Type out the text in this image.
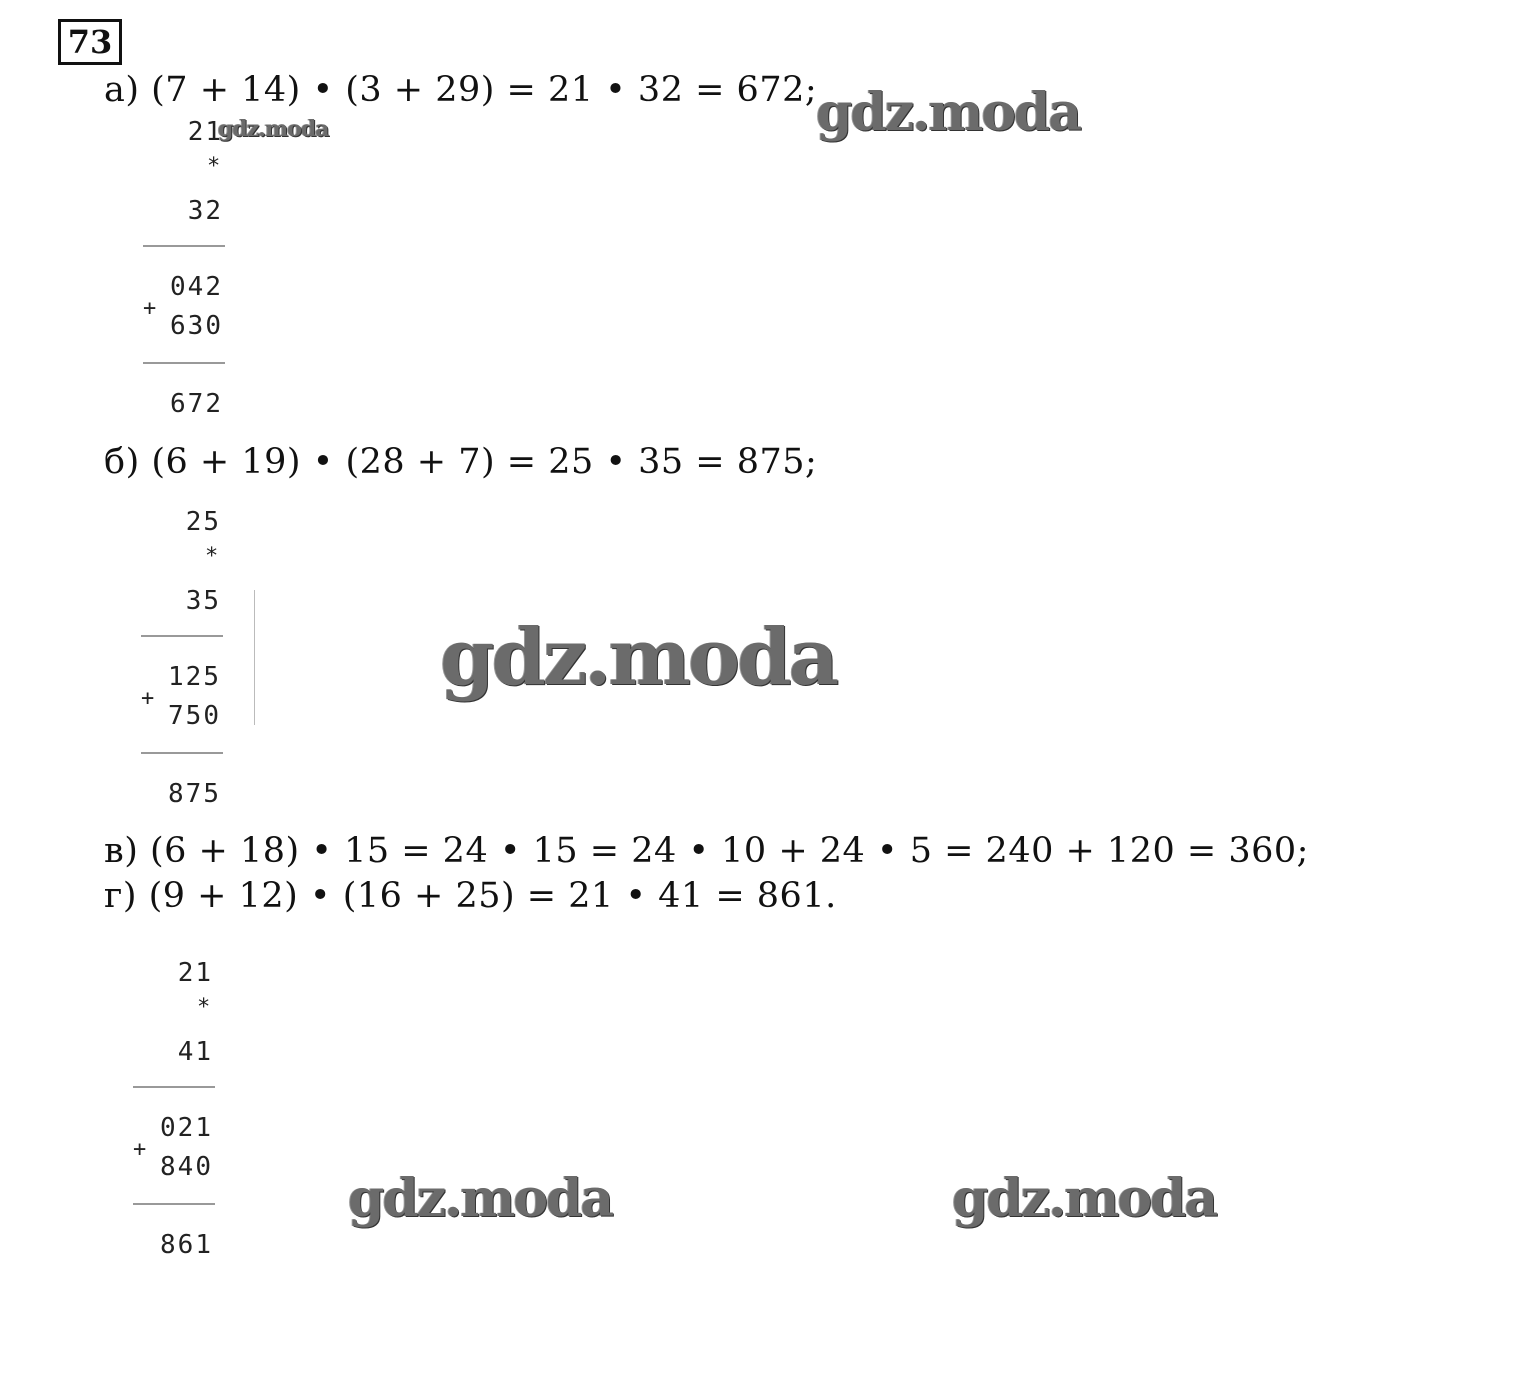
73
а) (7 + 14) • (3 + 29) = 21 • 32 = 672;
21
*
32
042
+
630
672
б) (6 + 19) • (28 + 7) = 25 • 35 = 875;
25
*
35
125
+
750
875
в) (6 + 18) • 15 = 24 • 15 = 24 • 10 + 24 • 5 = 240 + 120 = 360;
г) (9 + 12) • (16 + 25) = 21 • 41 = 861.
21
*
41
021
+
840
861
gdz.moda	gdz.moda
gdz.moda
gdz.moda	gdz.moda
